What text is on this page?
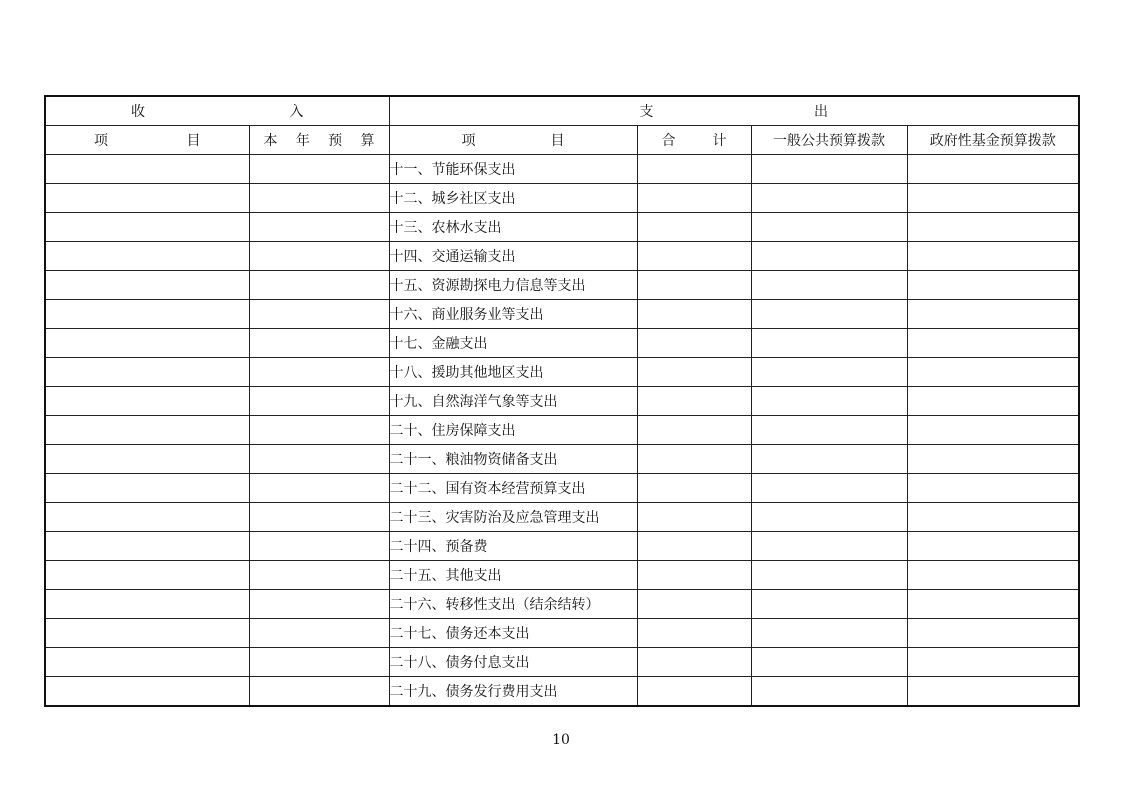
收 入		支 出			

项 目	本 年 预 算	项 目	合 计	一般公共预算拨款	政府性基金预算拨款
		十一、节能环保支出			
		十二、城乡社区支出			
		十三、农林水支出			
		十四、交通运输支出			
		十五、资源勘探电力信息等支出			
		十六、商业服务业等支出			
		十七、金融支出			
		十八、援助其他地区支出			
		十九、自然海洋气象等支出			
		二十、住房保障支出			
		二十一、粮油物资储备支出			
		二十二、国有资本经营预算支出			
		二十三、灾害防治及应急管理支出			
		二十四、预备费			
		二十五、其他支出			
		二十六、转移性支出（结余结转）			
		二十七、债务还本支出			
		二十八、债务付息支出			
		二十九、债务发行费用支出			
10
